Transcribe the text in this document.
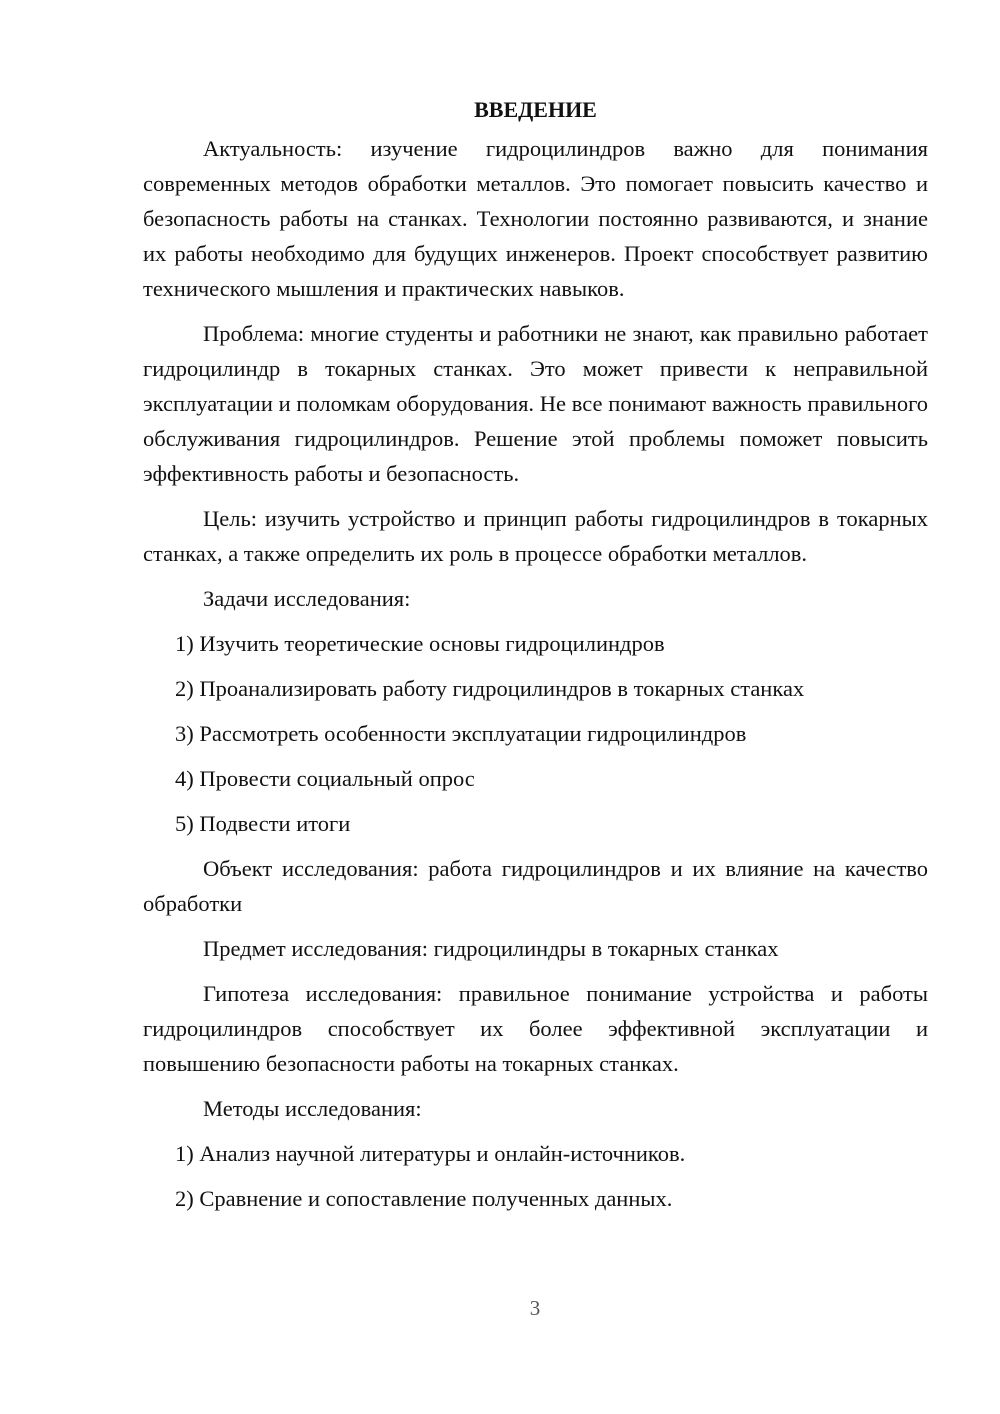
ВВЕДЕНИЕ

Актуальность: изучение гидроцилиндров важно для понимания современных методов обработки металлов. Это помогает повысить качество и безопасность работы на станках. Технологии постоянно развиваются, и знание их работы необходимо для будущих инженеров. Проект способствует развитию технического мышления и практических навыков.

Проблема: многие студенты и работники не знают, как правильно работает гидроцилиндр в токарных станках. Это может привести к неправильной эксплуатации и поломкам оборудования. Не все понимают важность правильного обслуживания гидроцилиндров. Решение этой проблемы поможет повысить эффективность работы и безопасность.

Цель: изучить устройство и принцип работы гидроцилиндров в токарных станках, а также определить их роль в процессе обработки металлов.

Задачи исследования:
1) Изучить теоретические основы гидроцилиндров
2) Проанализировать работу гидроцилиндров в токарных станках
3) Рассмотреть особенности эксплуатации гидроцилиндров
4) Провести социальный опрос
5) Подвести итоги

Объект исследования: работа гидроцилиндров и их влияние на качество обработки

Предмет исследования: гидроцилиндры в токарных станках

Гипотеза исследования: правильное понимание устройства и работы гидроцилиндров способствует их более эффективной эксплуатации и повышению безопасности работы на токарных станках.

Методы исследования:
1) Анализ научной литературы и онлайн-источников.
2) Сравнение и сопоставление полученных данных.
3
